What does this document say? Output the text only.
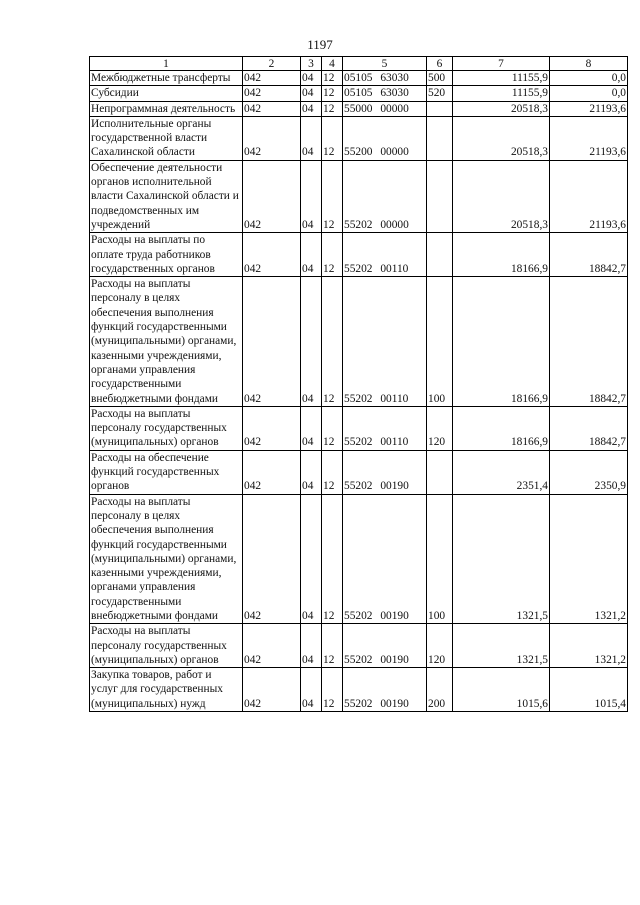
1197
1	2	3	4	5	6	7	8
Межбюджетные трансферты	042	04	12	05105 63030	500	11155,9	0,0
Субсидии	042	04	12	05105 63030	520	11155,9	0,0
Непрограммная деятельность	042	04	12	55000 00000		20518,3	21193,6
Исполнительные органы государственной власти Сахалинской области	042	04	12	55200 00000		20518,3	21193,6
Обеспечение деятельности органов исполнительной власти Сахалинской области и подведомственных им учреждений	042	04	12	55202 00000		20518,3	21193,6
Расходы на выплаты по оплате труда работников государственных органов	042	04	12	55202 00110		18166,9	18842,7
Расходы на выплаты персоналу в целях обеспечения выполнения функций государственными (муниципальными) органами, казенными учреждениями, органами управления государственными внебюджетными фондами	042	04	12	55202 00110	100	18166,9	18842,7
Расходы на выплаты персоналу государственных (муниципальных) органов	042	04	12	55202 00110	120	18166,9	18842,7
Расходы на обеспечение функций государственных органов	042	04	12	55202 00190		2351,4	2350,9
Расходы на выплаты персоналу в целях обеспечения выполнения функций государственными (муниципальными) органами, казенными учреждениями, органами управления государственными внебюджетными фондами	042	04	12	55202 00190	100	1321,5	1321,2
Расходы на выплаты персоналу государственных (муниципальных) органов	042	04	12	55202 00190	120	1321,5	1321,2
Закупка товаров, работ и услуг для государственных (муниципальных) нужд	042	04	12	55202 00190	200	1015,6	1015,4
